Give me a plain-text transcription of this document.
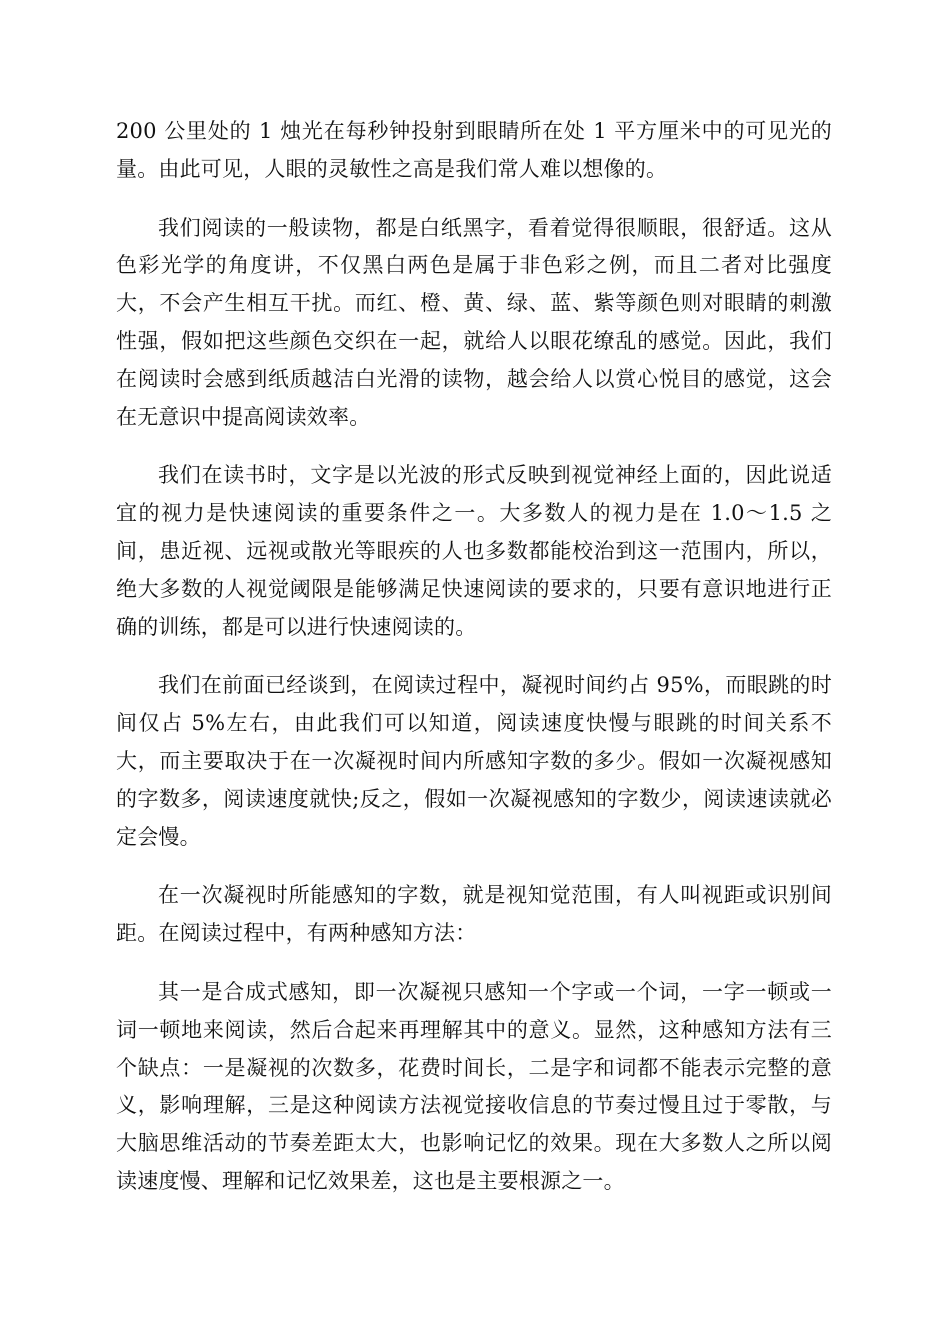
200 公里处的 1 烛光在每秒钟投射到眼睛所在处 1 平方厘米中的可见光的量。由此可见，人眼的灵敏性之高是我们常人难以想像的。

我们阅读的一般读物，都是白纸黑字，看着觉得很顺眼，很舒适。这从色彩光学的角度讲，不仅黑白两色是属于非色彩之例，而且二者对比强度大，不会产生相互干扰。而红、橙、黄、绿、蓝、紫等颜色则对眼睛的刺激性强，假如把这些颜色交织在一起，就给人以眼花缭乱的感觉。因此，我们在阅读时会感到纸质越洁白光滑的读物，越会给人以赏心悦目的感觉，这会在无意识中提高阅读效率。

我们在读书时，文字是以光波的形式反映到视觉神经上面的，因此说适宜的视力是快速阅读的重要条件之一。大多数人的视力是在 1.0～1.5 之间，患近视、远视或散光等眼疾的人也多数都能校治到这一范围内，所以，绝大多数的人视觉阈限是能够满足快速阅读的要求的，只要有意识地进行正确的训练，都是可以进行快速阅读的。

我们在前面已经谈到，在阅读过程中，凝视时间约占 95%，而眼跳的时间仅占 5%左右，由此我们可以知道，阅读速度快慢与眼跳的时间关系不大，而主要取决于在一次凝视时间内所感知字数的多少。假如一次凝视感知的字数多，阅读速度就快;反之，假如一次凝视感知的字数少，阅读速读就必定会慢。

在一次凝视时所能感知的字数，就是视知觉范围，有人叫视距或识别间距。在阅读过程中，有两种感知方法：

其一是合成式感知，即一次凝视只感知一个字或一个词，一字一顿或一词一顿地来阅读，然后合起来再理解其中的意义。显然，这种感知方法有三个缺点：一是凝视的次数多，花费时间长，二是字和词都不能表示完整的意义，影响理解，三是这种阅读方法视觉接收信息的节奏过慢且过于零散，与大脑思维活动的节奏差距太大，也影响记忆的效果。现在大多数人之所以阅读速度慢、理解和记忆效果差，这也是主要根源之一。
